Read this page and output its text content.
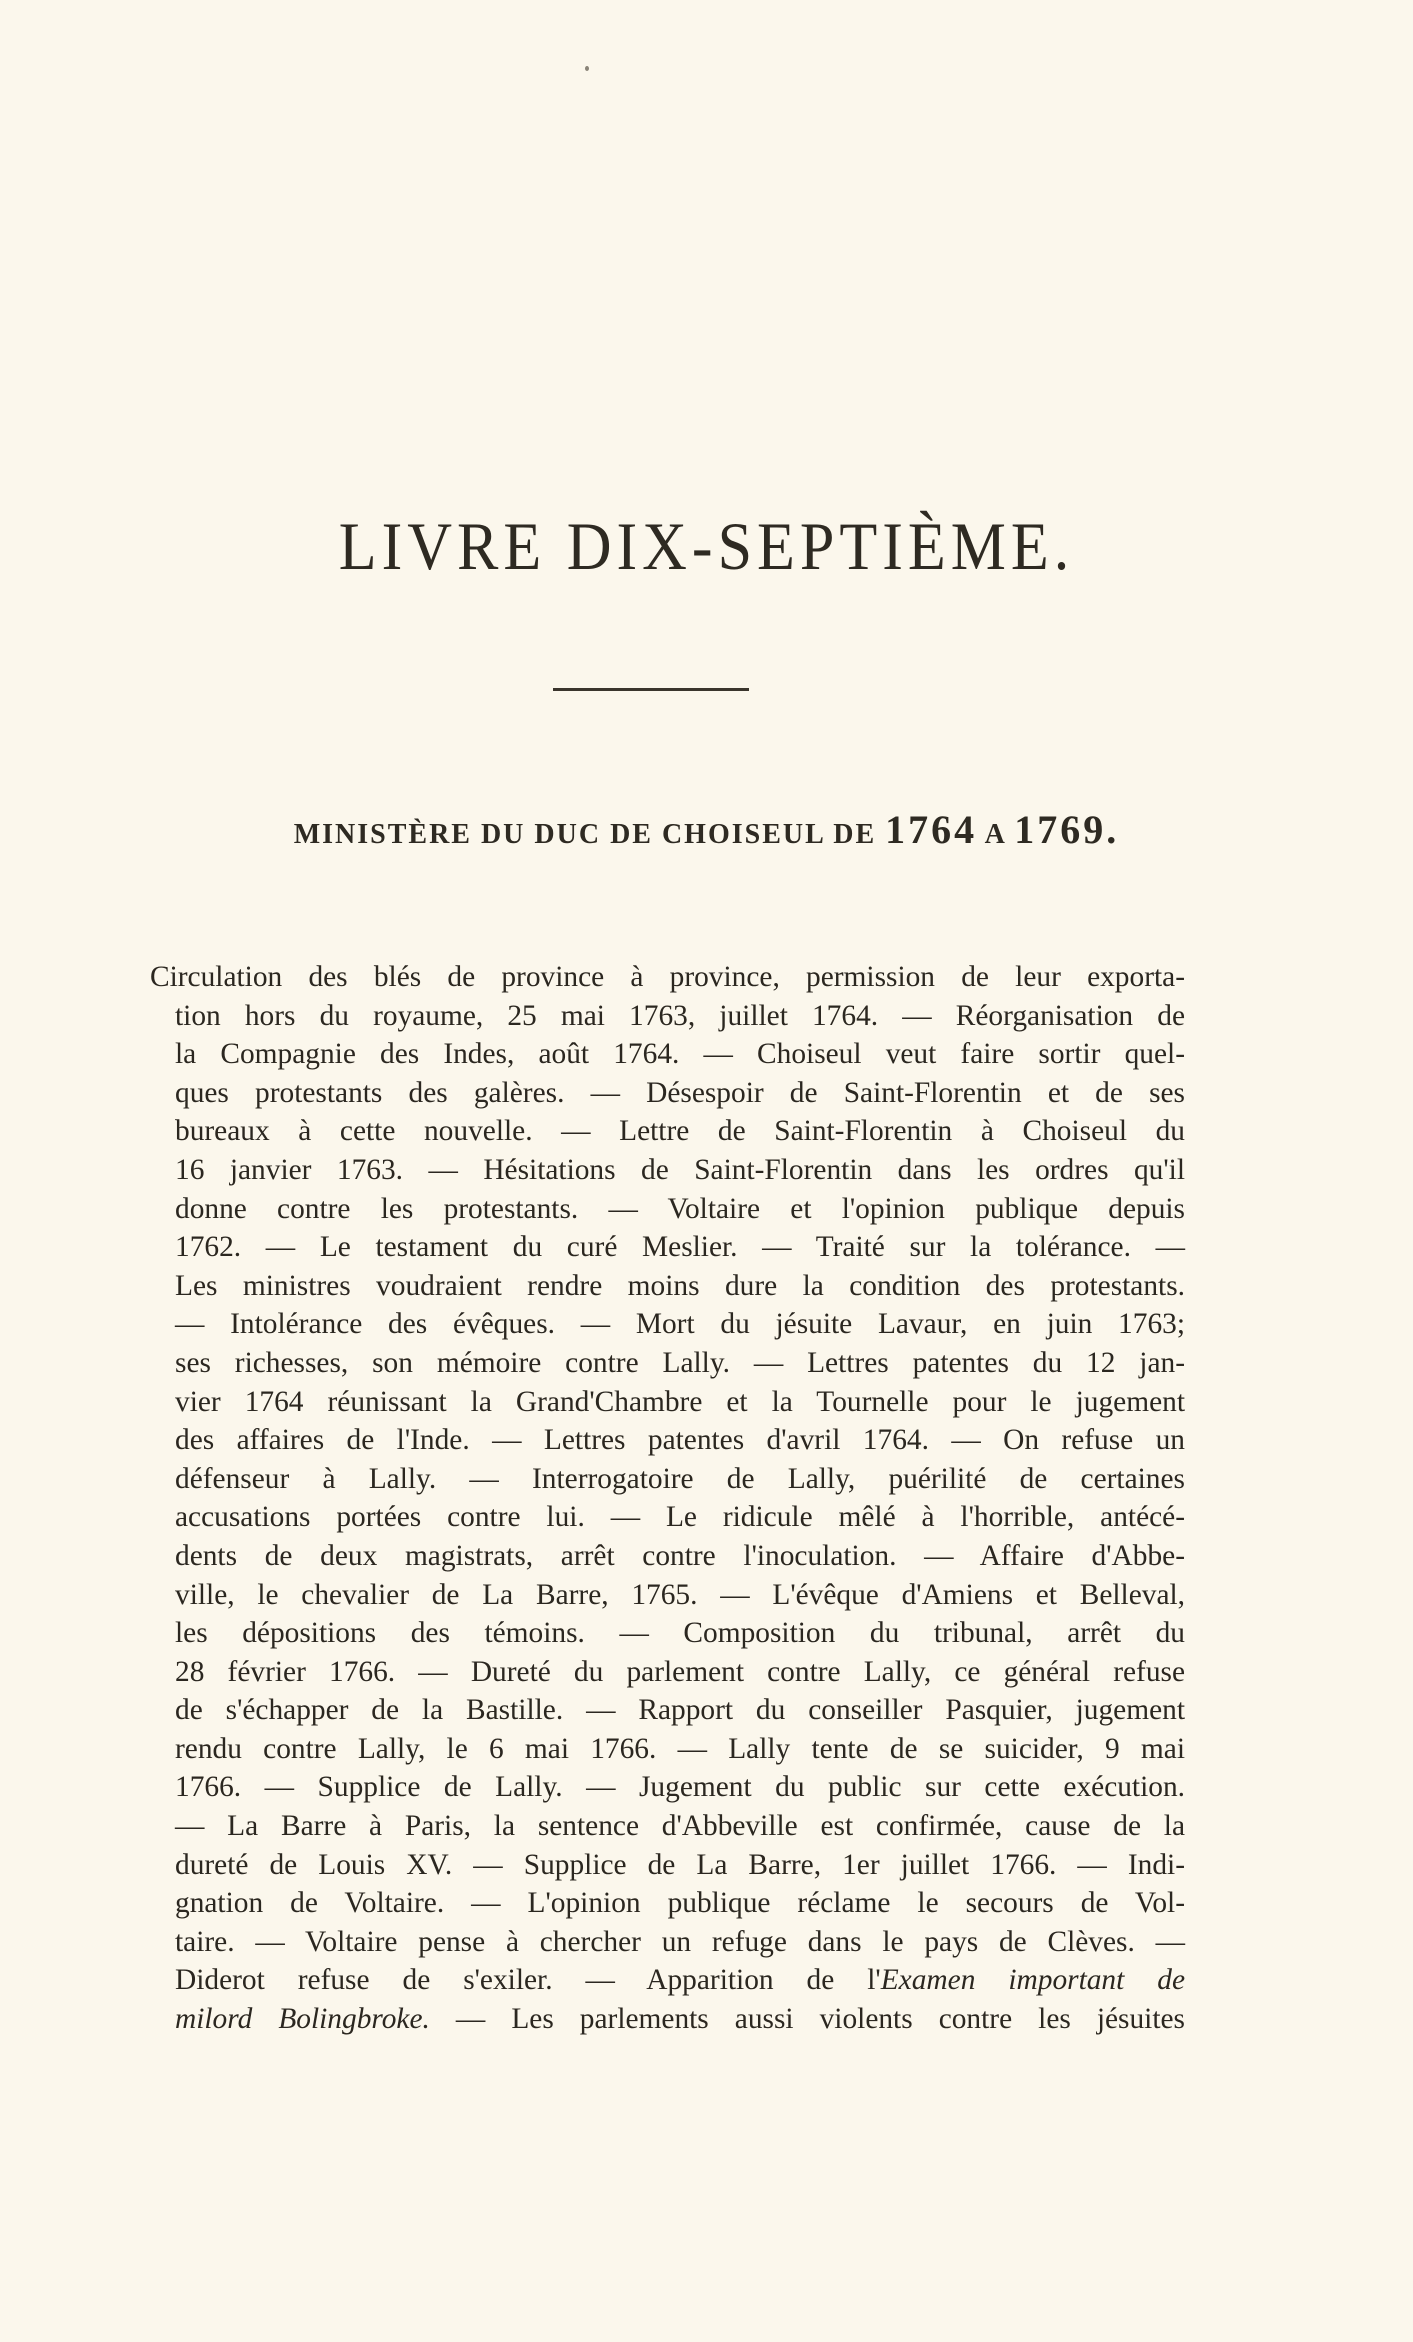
LIVRE DIX-SEPTIÈME.
MINISTÈRE DU DUC DE CHOISEUL DE 1764 A 1769.
Circulation des blés de province à province, permission de leur exporta-
tion hors du royaume, 25 mai 1763, juillet 1764. — Réorganisation de
la Compagnie des Indes, août 1764. — Choiseul veut faire sortir quel-
ques protestants des galères. — Désespoir de Saint-Florentin et de ses
bureaux à cette nouvelle. — Lettre de Saint-Florentin à Choiseul du
16 janvier 1763. — Hésitations de Saint-Florentin dans les ordres qu'il
donne contre les protestants. — Voltaire et l'opinion publique depuis
1762. — Le testament du curé Meslier. — Traité sur la tolérance. —
Les ministres voudraient rendre moins dure la condition des protestants.
— Intolérance des évêques. — Mort du jésuite Lavaur, en juin 1763;
ses richesses, son mémoire contre Lally. — Lettres patentes du 12 jan-
vier 1764 réunissant la Grand'Chambre et la Tournelle pour le jugement
des affaires de l'Inde. — Lettres patentes d'avril 1764. — On refuse un
défenseur à Lally. — Interrogatoire de Lally, puérilité de certaines
accusations portées contre lui. — Le ridicule mêlé à l'horrible, antécé-
dents de deux magistrats, arrêt contre l'inoculation. — Affaire d'Abbe-
ville, le chevalier de La Barre, 1765. — L'évêque d'Amiens et Belleval,
les dépositions des témoins. — Composition du tribunal, arrêt du
28 février 1766. — Dureté du parlement contre Lally, ce général refuse
de s'échapper de la Bastille. — Rapport du conseiller Pasquier, jugement
rendu contre Lally, le 6 mai 1766. — Lally tente de se suicider, 9 mai
1766. — Supplice de Lally. — Jugement du public sur cette exécution.
— La Barre à Paris, la sentence d'Abbeville est confirmée, cause de la
dureté de Louis XV. — Supplice de La Barre, 1er juillet 1766. — Indi-
gnation de Voltaire. — L'opinion publique réclame le secours de Vol-
taire. — Voltaire pense à chercher un refuge dans le pays de Clèves. —
Diderot refuse de s'exiler. — Apparition de l'Examen important de
milord Bolingbroke. — Les parlements aussi violents contre les jésuites
